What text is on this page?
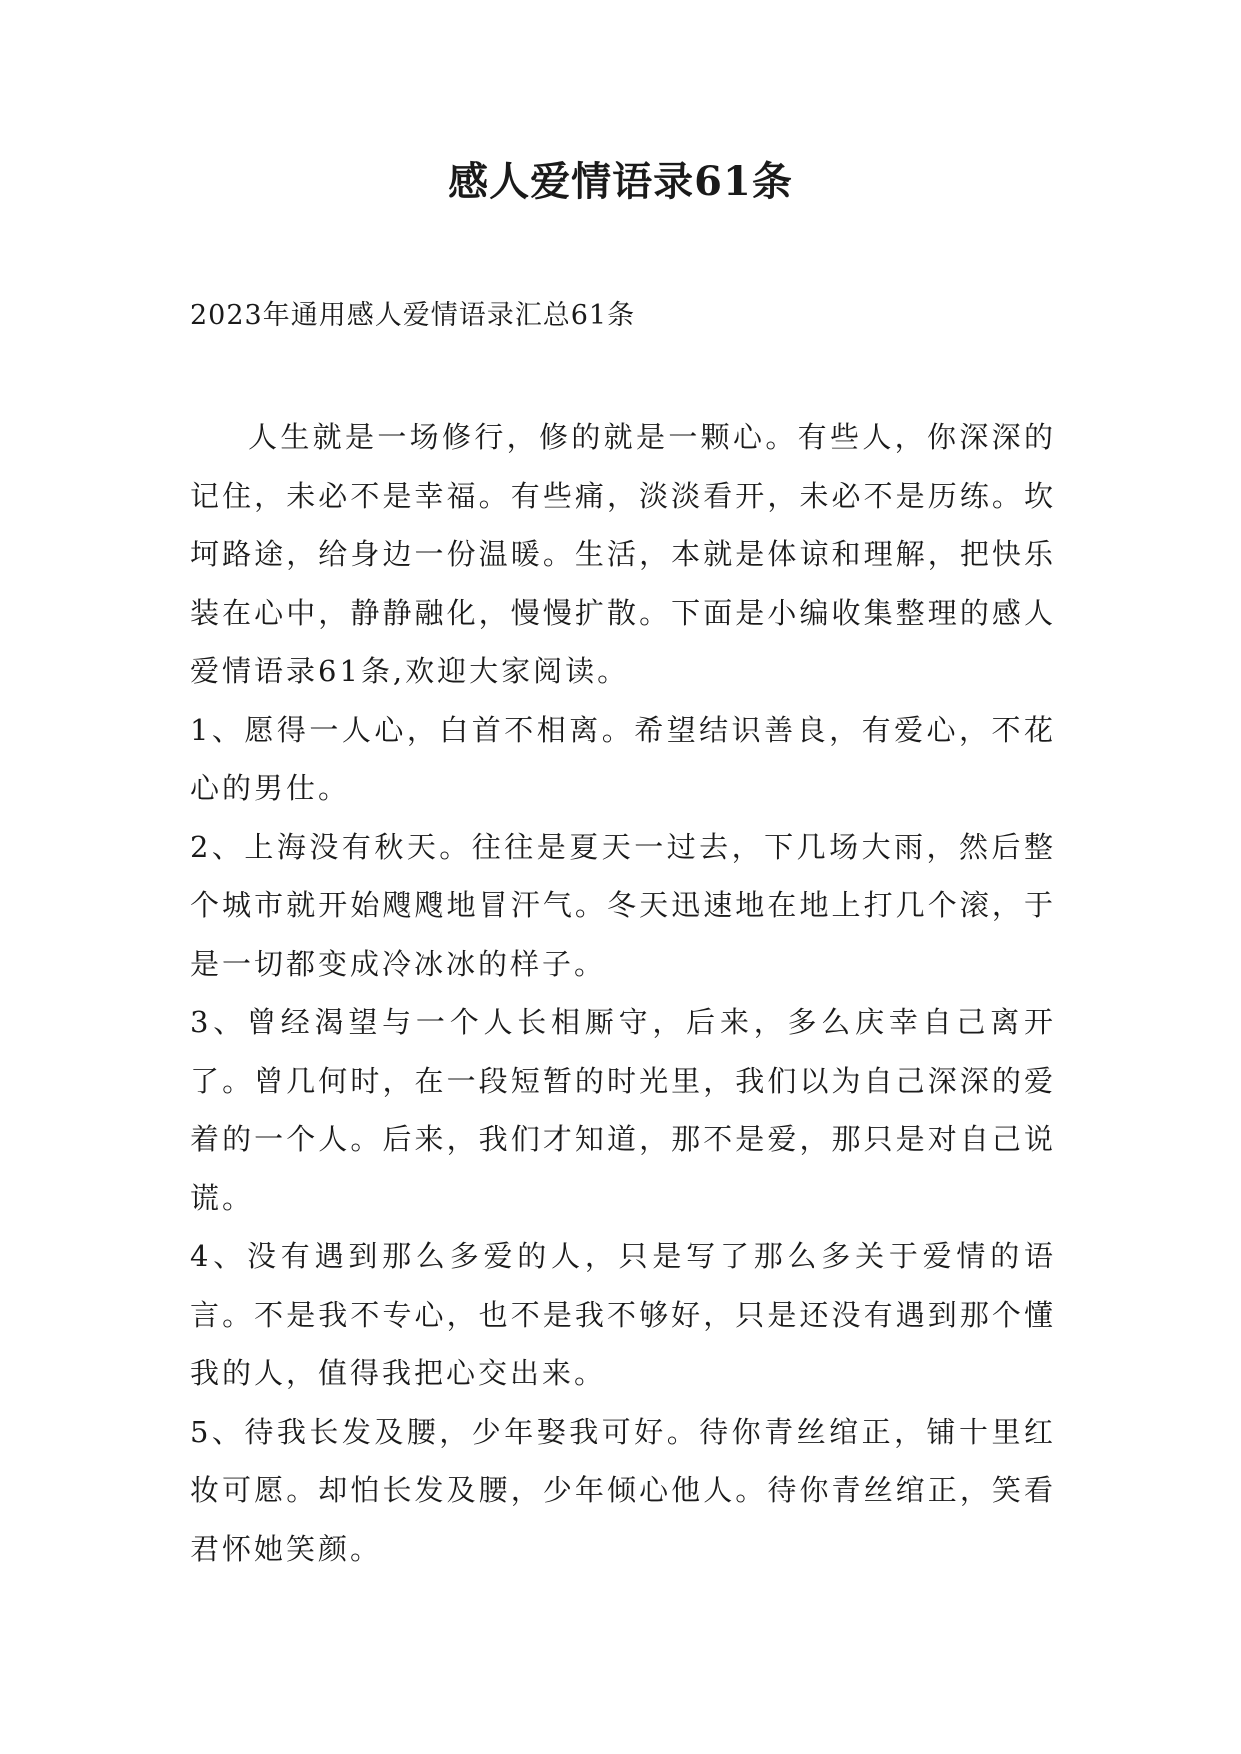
感人爱情语录61条
2023年通用感人爱情语录汇总61条

人生就是一场修行，修的就是一颗心。有些人，你深深的记住，未必不是幸福。有些痛，淡淡看开，未必不是历练。坎坷路途，给身边一份温暖。生活，本就是体谅和理解，把快乐装在心中，静静融化，慢慢扩散。下面是小编收集整理的感人爱情语录61条,欢迎大家阅读。

1、愿得一人心，白首不相离。希望结识善良，有爱心，不花心的男仕。

2、上海没有秋天。往往是夏天一过去，下几场大雨，然后整个城市就开始飕飕地冒汗气。冬天迅速地在地上打几个滚，于是一切都变成冷冰冰的样子。

3、曾经渴望与一个人长相厮守，后来，多么庆幸自己离开了。曾几何时，在一段短暂的时光里，我们以为自己深深的爱着的一个人。后来，我们才知道，那不是爱，那只是对自己说谎。

4、没有遇到那么多爱的人，只是写了那么多关于爱情的语言。不是我不专心，也不是我不够好，只是还没有遇到那个懂我的人，值得我把心交出来。

5、待我长发及腰，少年娶我可好。待你青丝绾正，铺十里红妆可愿。却怕长发及腰，少年倾心他人。待你青丝绾正，笑看君怀她笑颜。
